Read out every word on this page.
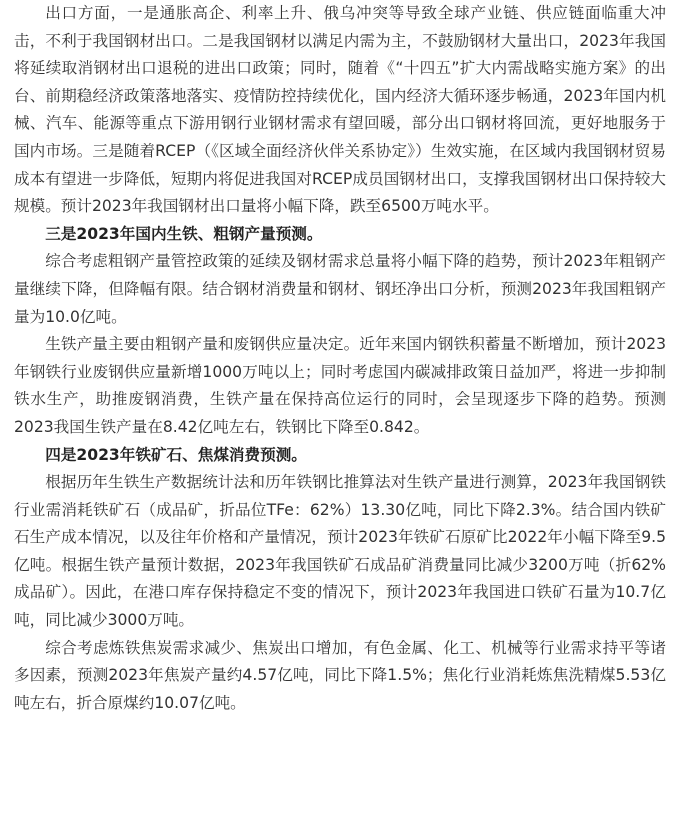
出口方面，一是通胀高企、利率上升、俄乌冲突等导致全球产业链、供应链面临重大冲击，不利于我国钢材出口。二是我国钢材以满足内需为主，不鼓励钢材大量出口，2023年我国将延续取消钢材出口退税的进出口政策；同时，随着《“十四五”扩大内需战略实施方案》的出台、前期稳经济政策落地落实、疫情防控持续优化，国内经济大循环逐步畅通，2023年国内机械、汽车、能源等重点下游用钢行业钢材需求有望回暖，部分出口钢材将回流，更好地服务于国内市场。三是随着RCEP（《区域全面经济伙伴关系协定》）生效实施，在区域内我国钢材贸易成本有望进一步降低，短期内将促进我国对RCEP成员国钢材出口，支撑我国钢材出口保持较大规模。预计2023年我国钢材出口量将小幅下降，跌至6500万吨水平。

三是2023年国内生铁、粗钢产量预测。

综合考虑粗钢产量管控政策的延续及钢材需求总量将小幅下降的趋势，预计2023年粗钢产量继续下降，但降幅有限。结合钢材消费量和钢材、钢坯净出口分析，预测2023年我国粗钢产量为10.0亿吨。

生铁产量主要由粗钢产量和废钢供应量决定。近年来国内钢铁积蓄量不断增加，预计2023年钢铁行业废钢供应量新增1000万吨以上；同时考虑国内碳减排政策日益加严，将进一步抑制铁水生产，助推废钢消费，生铁产量在保持高位运行的同时，会呈现逐步下降的趋势。预测2023我国生铁产量在8.42亿吨左右，铁钢比下降至0.842。

四是2023年铁矿石、焦煤消费预测。

根据历年生铁生产数据统计法和历年铁钢比推算法对生铁产量进行测算，2023年我国钢铁行业需消耗铁矿石（成品矿，折品位TFe：62%）13.30亿吨，同比下降2.3%。结合国内铁矿石生产成本情况，以及往年价格和产量情况，预计2023年铁矿石原矿比2022年小幅下降至9.5亿吨。根据生铁产量预计数据，2023年我国铁矿石成品矿消费量同比减少3200万吨（折62%成品矿）。因此，在港口库存保持稳定不变的情况下，预计2023年我国进口铁矿石量为10.7亿吨，同比减少3000万吨。

综合考虑炼铁焦炭需求减少、焦炭出口增加，有色金属、化工、机械等行业需求持平等诸多因素，预测2023年焦炭产量约4.57亿吨，同比下降1.5%；焦化行业消耗炼焦洗精煤5.53亿吨左右，折合原煤约10.07亿吨。
